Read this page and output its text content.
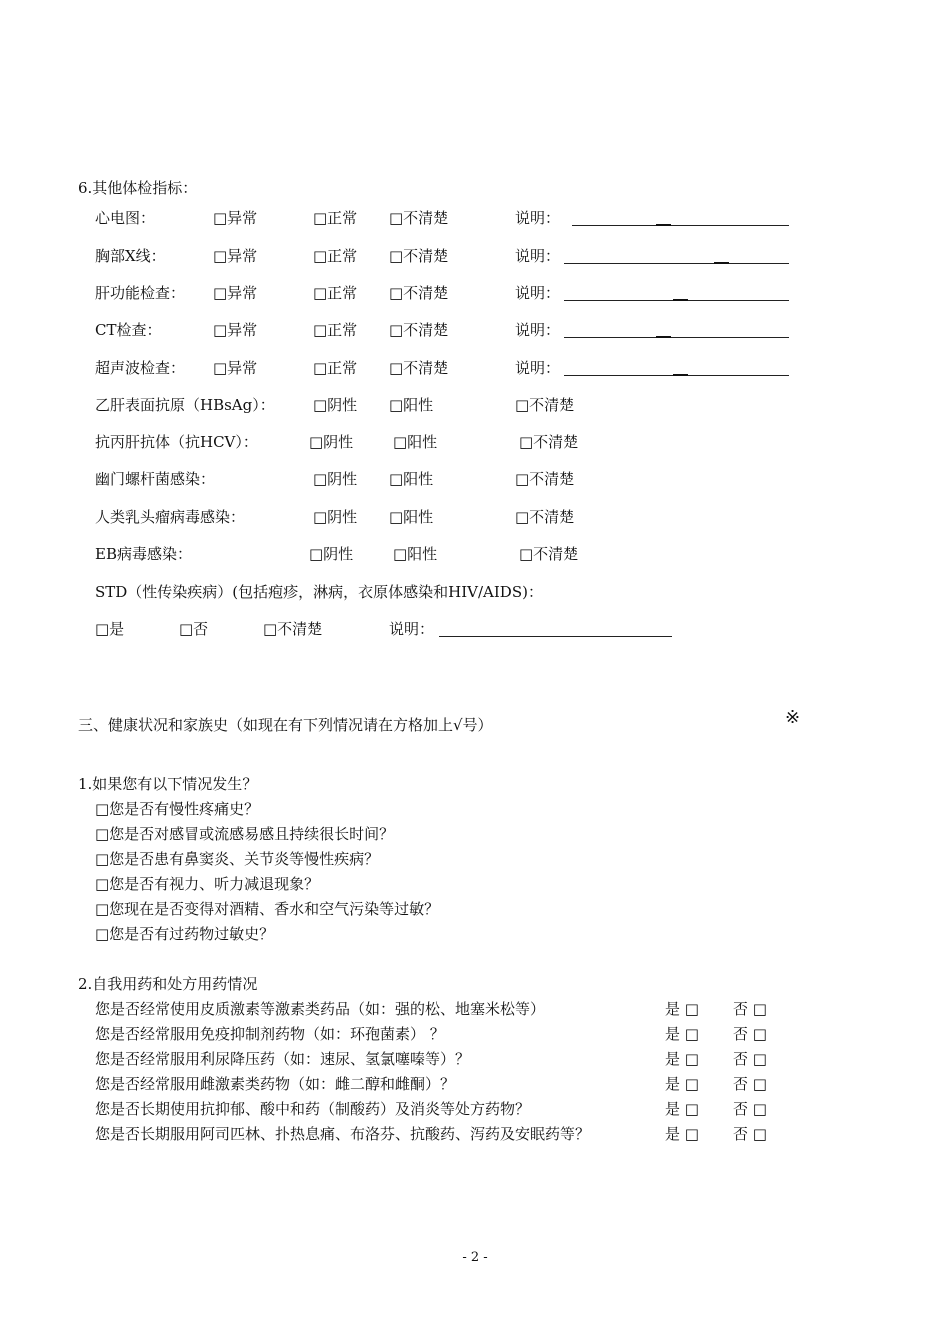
6.其他体检指标：
心电图：	□异常	□正常 □不清楚	说明：
胸部X线：	□异常	□正常 □不清楚	说明：
肝功能检查： □异常	□正常 □不清楚	说明：
CT检查：	□异常	□正常 □不清楚	说明：
超声波检查： □异常	□正常 □不清楚	说明：
乙肝表面抗原（HBsAg）：	□阴性 □阳性	□不清楚
抗丙肝抗体（抗HCV）：	□阴性	□阳性	□不清楚
幽门螺杆菌感染：	□阴性 □阳性	□不清楚
人类乳头瘤病毒感染：	□阴性 □阳性	□不清楚
EB病毒感染：	□阴性	□阳性	□不清楚
STD（性传染疾病）(包括疱疹，淋病，衣原体感染和HIV/AIDS)：
□是	□否	□不清楚	说明：
三、健康状况和家族史（如现在有下列情况请在方格加上√号）	※
1.如果您有以下情况发生？
□您是否有慢性疼痛史？
□您是否对感冒或流感易感且持续很长时间？
□您是否患有鼻窦炎、关节炎等慢性疾病？
□您是否有视力、听力减退现象？
□您现在是否变得对酒精、香水和空气污染等过敏？
□您是否有过药物过敏史？
2.自我用药和处方用药情况
您是否经常使用皮质激素等激素类药品（如：强的松、地塞米松等）	是 □ 否 □
您是否经常服用免疫抑制剂药物（如：环孢菌素） ？	是 □ 否 □
您是否经常服用利尿降压药（如：速尿、氢氯噻嗪等）？	是 □ 否 □
您是否经常服用雌激素类药物（如：雌二醇和雌酮）？	是 □ 否 □
您是否长期使用抗抑郁、酸中和药（制酸药）及消炎等处方药物？	是 □ 否 □
您是否长期服用阿司匹林、扑热息痛、布洛芬、抗酸药、泻药及安眠药等？	是 □ 否 □
- 2 -
